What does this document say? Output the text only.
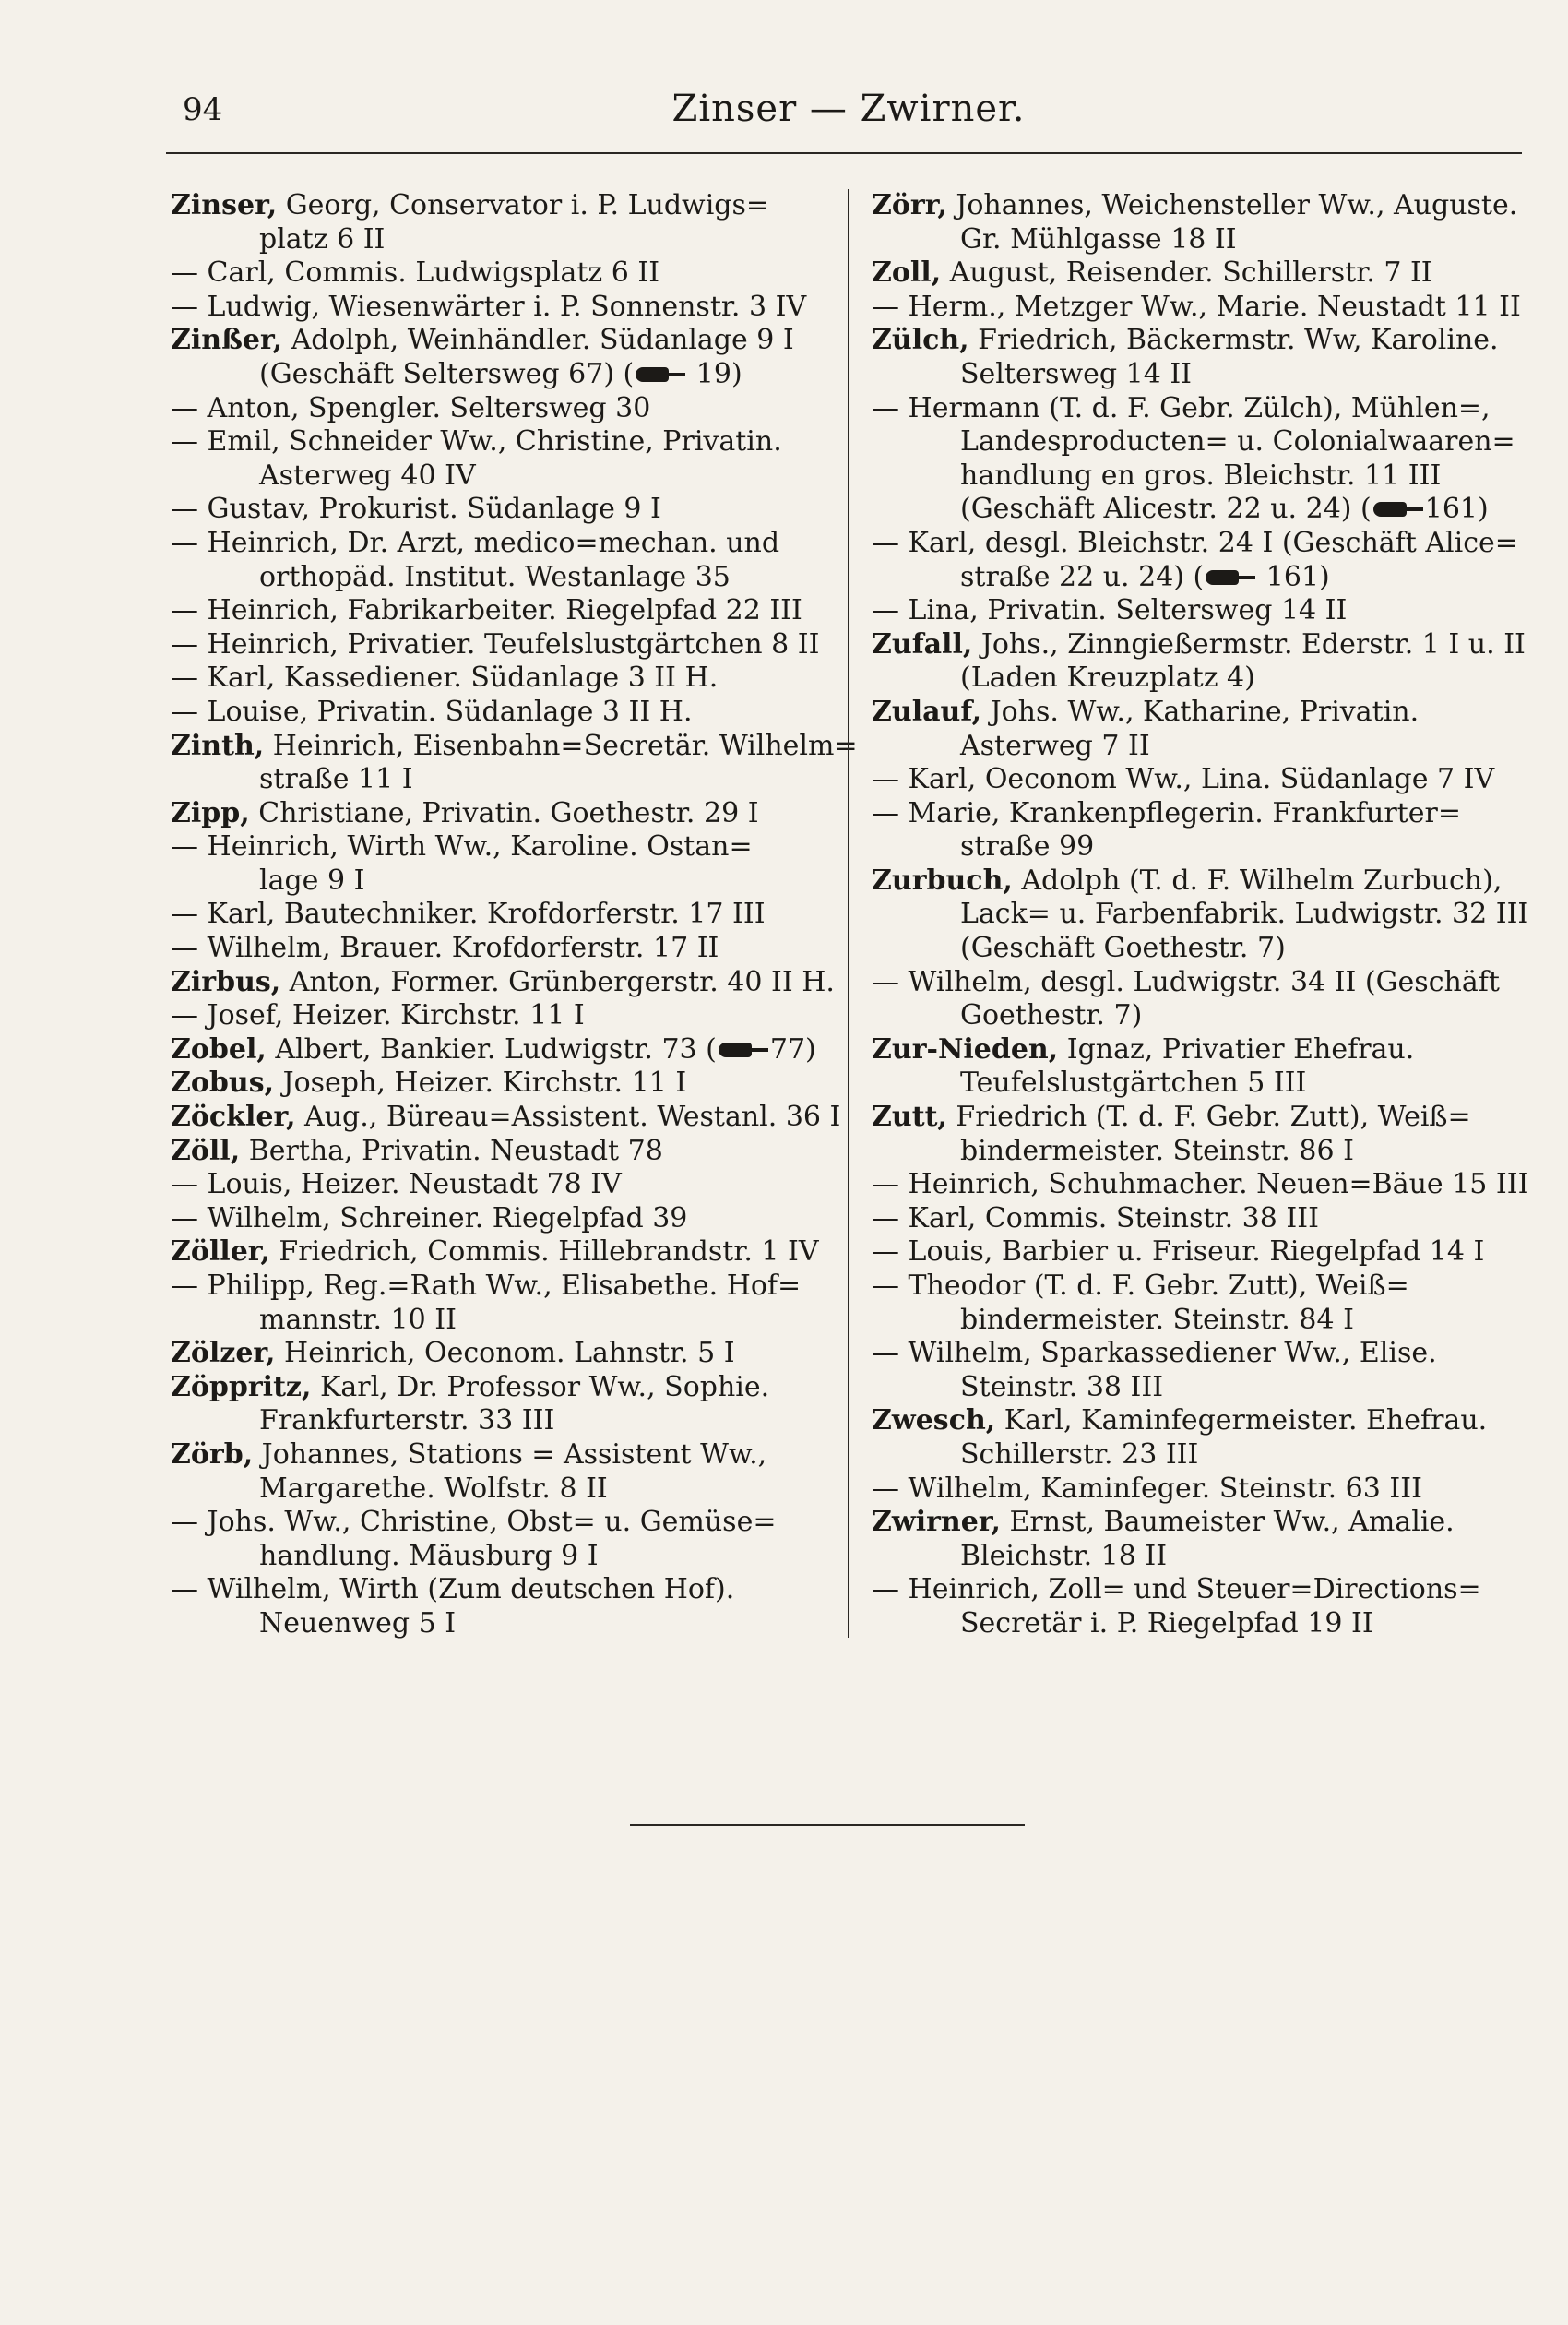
94	Zinser — Zwirner.
Zinser, Georg, Conservator i. P. Ludwigs=
platz 6 II
— Carl, Commis. Ludwigsplatz 6 II
— Ludwig, Wiesenwärter i. P. Sonnenstr. 3 IV
Zinßer, Adolph, Weinhändler. Südanlage 9 I
(Geschäft Seltersweg 67) ( 19)
— Anton, Spengler. Seltersweg 30
— Emil, Schneider Ww., Christine, Privatin.
Asterweg 40 IV
— Gustav, Prokurist. Südanlage 9 I
— Heinrich, Dr. Arzt, medico=mechan. und
orthopäd. Institut. Westanlage 35
— Heinrich, Fabrikarbeiter. Riegelpfad 22 III
— Heinrich, Privatier. Teufelslustgärtchen 8 II
— Karl, Kassediener. Südanlage 3 II H.
— Louise, Privatin. Südanlage 3 II H.
Zinth, Heinrich, Eisenbahn=Secretär. Wilhelm=
straße 11 I
Zipp, Christiane, Privatin. Goethestr. 29 I
— Heinrich, Wirth Ww., Karoline. Ostan=
lage 9 I
— Karl, Bautechniker. Krofdorferstr. 17 III
— Wilhelm, Brauer. Krofdorferstr. 17 II
Zirbus, Anton, Former. Grünbergerstr. 40 II H.
— Josef, Heizer. Kirchstr. 11 I
Zobel, Albert, Bankier. Ludwigstr. 73 ( 77)
Zobus, Joseph, Heizer. Kirchstr. 11 I
Zöckler, Aug., Büreau=Assistent. Westanl. 36 I
Zöll, Bertha, Privatin. Neustadt 78
— Louis, Heizer. Neustadt 78 IV
— Wilhelm, Schreiner. Riegelpfad 39
Zöller, Friedrich, Commis. Hillebrandstr. 1 IV
— Philipp, Reg.=Rath Ww., Elisabethe. Hof=
mannstr. 10 II
Zölzer, Heinrich, Oeconom. Lahnstr. 5 I
Zöppritz, Karl, Dr. Professor Ww., Sophie.
Frankfurterstr. 33 III
Zörb, Johannes, Stations = Assistent Ww.,
Margarethe. Wolfstr. 8 II
— Johs. Ww., Christine, Obst= u. Gemüse=
handlung. Mäusburg 9 I
— Wilhelm, Wirth (Zum deutschen Hof).
Neuenweg 5 I
Zörr, Johannes, Weichensteller Ww., Auguste.
Gr. Mühlgasse 18 II
Zoll, August, Reisender. Schillerstr. 7 II
— Herm., Metzger Ww., Marie. Neustadt 11 II
Zülch, Friedrich, Bäckermstr. Ww, Karoline.
Seltersweg 14 II
— Hermann (T. d. F. Gebr. Zülch), Mühlen=,
Landesproducten= u. Colonialwaaren=
handlung en gros. Bleichstr. 11 III
(Geschäft Alicestr. 22 u. 24) ( 161)
— Karl, desgl. Bleichstr. 24 I (Geschäft Alice=
straße 22 u. 24) ( 161)
— Lina, Privatin. Seltersweg 14 II
Zufall, Johs., Zinngießermstr. Ederstr. 1 I u. II
(Laden Kreuzplatz 4)
Zulauf, Johs. Ww., Katharine, Privatin.
Asterweg 7 II
— Karl, Oeconom Ww., Lina. Südanlage 7 IV
— Marie, Krankenpflegerin. Frankfurter=
straße 99
Zurbuch, Adolph (T. d. F. Wilhelm Zurbuch),
Lack= u. Farbenfabrik. Ludwigstr. 32 III
(Geschäft Goethestr. 7)
— Wilhelm, desgl. Ludwigstr. 34 II (Geschäft
Goethestr. 7)
Zur-Nieden, Ignaz, Privatier Ehefrau.
Teufelslustgärtchen 5 III
Zutt, Friedrich (T. d. F. Gebr. Zutt), Weiß=
bindermeister. Steinstr. 86 I
— Heinrich, Schuhmacher. Neuen=Bäue 15 III
— Karl, Commis. Steinstr. 38 III
— Louis, Barbier u. Friseur. Riegelpfad 14 I
— Theodor (T. d. F. Gebr. Zutt), Weiß=
bindermeister. Steinstr. 84 I
— Wilhelm, Sparkassediener Ww., Elise.
Steinstr. 38 III
Zwesch, Karl, Kaminfegermeister. Ehefrau.
Schillerstr. 23 III
— Wilhelm, Kaminfeger. Steinstr. 63 III
Zwirner, Ernst, Baumeister Ww., Amalie.
Bleichstr. 18 II
— Heinrich, Zoll= und Steuer=Directions=
Secretär i. P. Riegelpfad 19 II
